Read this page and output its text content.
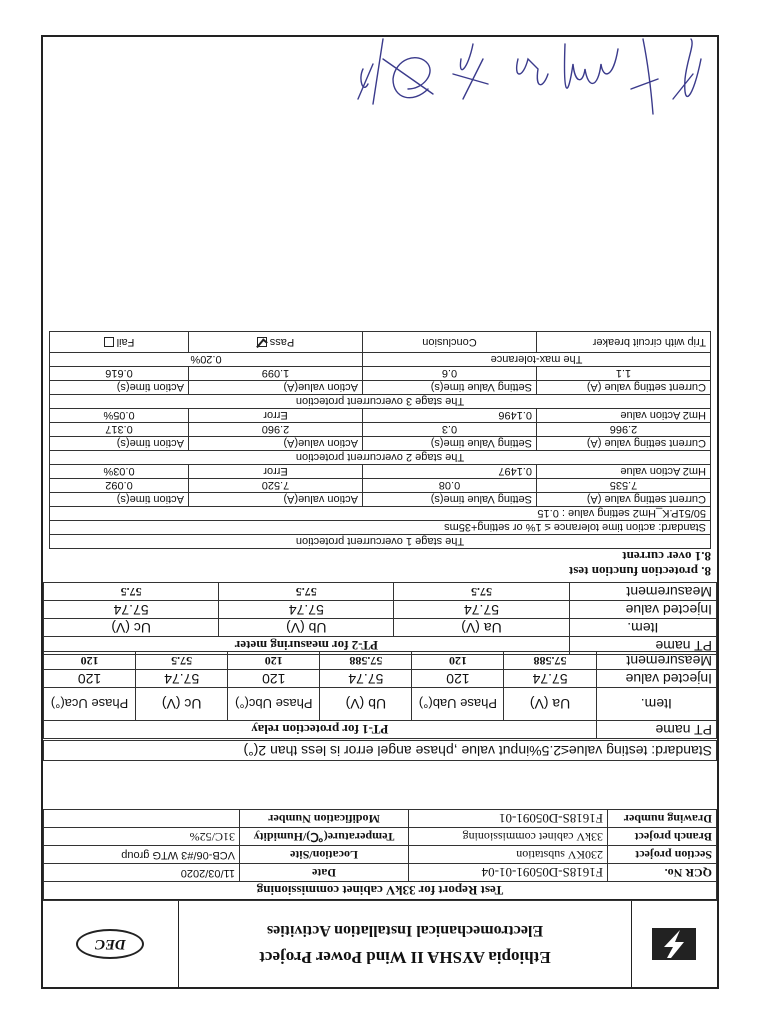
Ethiopia AYSHA II Wind Power Project
Electromechanical Installation Activities
DEC
Test Report for 33kV cabinet commissioning			
QCR No.	F1618S-D05091-01-04	Date	11/03/2020
Section project	230KV substation	Location/Site	VCB-06/#3 WTG group
Branch project	33kV cabinet commissioning	Temperature(℃)/Humidity	31C/52%
Drawing number	F1618S-D05091-01	Modification Number	
Standard: testing value≤2.5%input value ,phase angel error is less than 2(°)
PT name	PT-1 for protection relay					
Item.	Ua (V)	Phase Uab(°)	Ub (V)	Phase Ubc(°)	Uc (V)	Phase Uca(°)
Injected value	57.74	120	57.74	120	57.74	120
Measurement	57.588	120	57.588	120	57.5	120
PT name	PT-2 for measuring meter		
Item.	Ua (V)	Ub (V)	Uc (V)
Injected value	57.74	57.74	57.74
Measurement	57.5	57.5	57.5
8. protection function test
8.1 over current
The stage 1 overcurrent protection			
Standard: action time tolerance ≤ 1% or setting+35ms			
50/51P.K_Hm2 setting value : 0.15			
Current setting value (A)	Setting Value time(s)	Action value(A)	Action time(s)
7.535	0.08	7.520	0.092
Hm2 Action value	0.1497	Error	0.03%
The stage 2 overcurrent protection			
Current setting value (A)	Setting Value time(s)	Action value(A)	Action time(s)
2.966	0.3	2.960	0.317
Hm2 Action value	0.1496	Error	0.05%
The stage 3 overcurrent protection			
Current setting value (A)	Setting Value time(s)	Action value(A)	Action time(s)
1.1	0.6	1.099	0.616
The max-tolerance		0.20%	
Trip with circuit breaker	Conclusion	Pass	Fail
